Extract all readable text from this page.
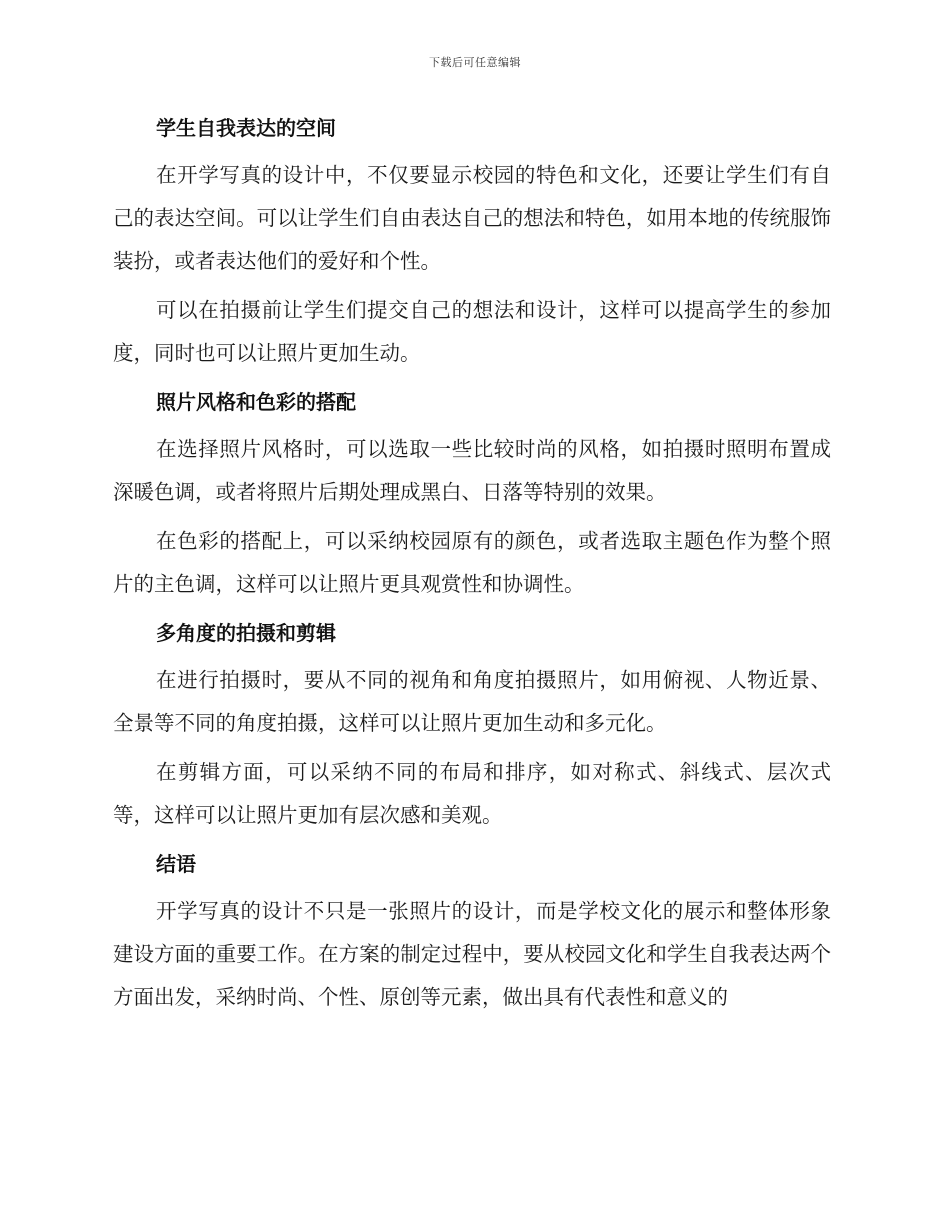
下载后可任意编辑
学生自我表达的空间

在开学写真的设计中，不仅要显示校园的特色和文化，还要让学生们有自己的表达空间。可以让学生们自由表达自己的想法和特色，如用本地的传统服饰装扮，或者表达他们的爱好和个性。

可以在拍摄前让学生们提交自己的想法和设计，这样可以提高学生的参加度，同时也可以让照片更加生动。

照片风格和色彩的搭配

在选择照片风格时，可以选取一些比较时尚的风格，如拍摄时照明布置成深暖色调，或者将照片后期处理成黑白、日落等特别的效果。

在色彩的搭配上，可以采纳校园原有的颜色，或者选取主题色作为整个照片的主色调，这样可以让照片更具观赏性和协调性。

多角度的拍摄和剪辑

在进行拍摄时，要从不同的视角和角度拍摄照片，如用俯视、人物近景、全景等不同的角度拍摄，这样可以让照片更加生动和多元化。

在剪辑方面，可以采纳不同的布局和排序，如对称式、斜线式、层次式等，这样可以让照片更加有层次感和美观。

结语

开学写真的设计不只是一张照片的设计，而是学校文化的展示和整体形象建设方面的重要工作。在方案的制定过程中，要从校园文化和学生自我表达两个方面出发，采纳时尚、个性、原创等元素，做出具有代表性和意义的
